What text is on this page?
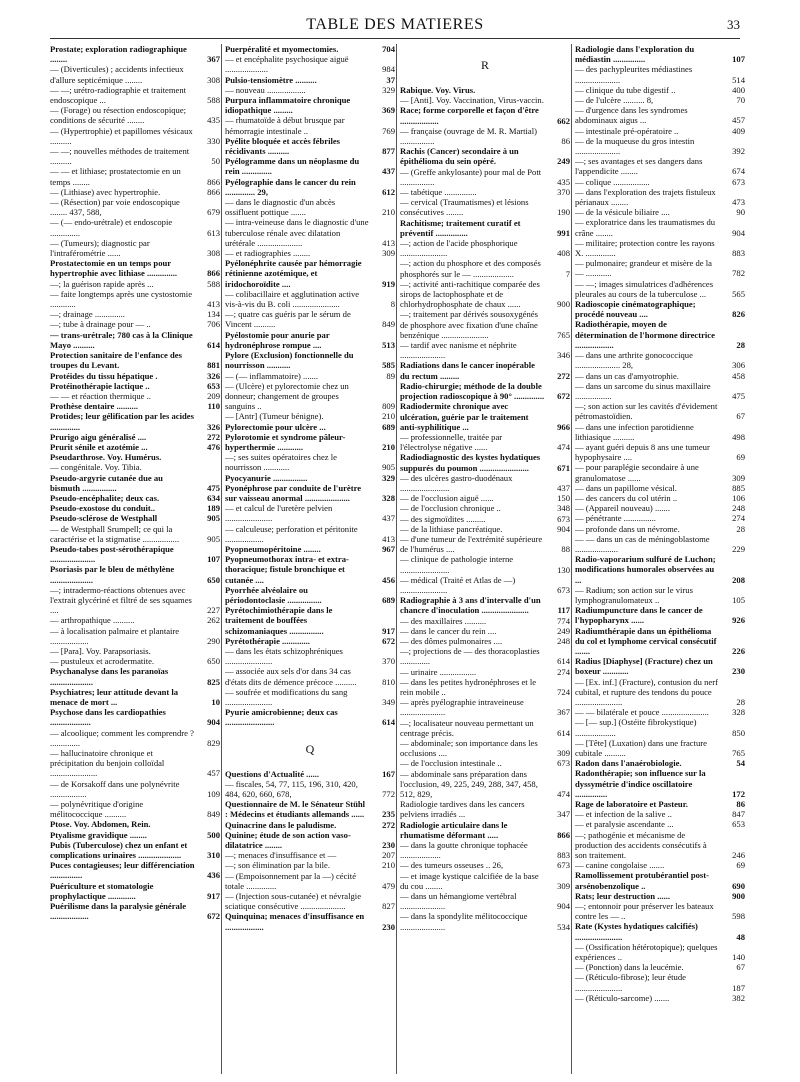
TABLE DES MATIERES	33
Prostate; exploration radiographique ........	367
— (Diverticules) ; accidents infectieux d'allure septicémique ........	308
— —; urétro-radiographie et traitement endoscopique ...	588
— (Forage) ou résection endoscopique; conditions de sécurité ........	435
— (Hypertrophie) et papillomes vésicaux ..........	330
— —; nouvelles méthodes de traitement ..........	50
— — et lithiase; prostatectomie en un temps ........	866
— (Lithiase) avec hypertrophie.	866
— (Résection) par voie endoscopique ........ 437, 588,	679
— (— endo-urétrale) et endoscopie ..............	613
— (Tumeurs); diagnostic par l'intraférométrie ......	308
Prostatectomie en un temps pour hypertrophie avec lithiase ..............	866
—; la guérison rapide après ...	588
— faite longtemps après une cystostomie ............	413
—; drainage ..............	134
—; tube à drainage pour — ..	706
— trans-urétrale; 780 cas à la Clinique Mayo ..........	614
Protection sanitaire de l'enfance des troupes du Levant.	881
Protéides du tissu hépatique .	326
Protéinothérapie lactique ..	653
— — et réaction thermique ..	209
Prothèse dentaire ..........	110
Protides; leur gélification par les acides ..............	326
Prurigo aigu généralisé ....	272
Prurit sénile et azotémie ...	476
Pseudarthrose. Voy. Humérus.
— congénitale. Voy. Tibia.
Pseudo-argyrie cutanée due au bismuth ................	475
Pseudo-encéphalite; deux cas.	634
Pseudo-exostose du conduit..	189
Pseudo-sclérose de Westphall	905
— de Westphall Srumpell; ce qui la caractérise et la stigmatise .................	905
Pseudo-tabes post-sérothérapique .....................	107
Psoriasis par le bleu de méthylène ....................	650
—; intradermo-réactions obtenues avec l'extrait glycériné et filtré de ses squames ....	227
— arthropathique ..........	262
— à localisation palmaire et plantaire ..................	290
— [Para]. Voy. Parapsoriasis.
— pustuleux et acrodermatite.	650
Psychanalyse dans les paranoïas ....................	825
Psychiatres; leur attitude devant la menace de mort ...	10
Psychose dans les cardiopathies ...................	904
— alcoolique; comment les comprendre ? ..............	829
— hallucinatoire chronique et précipitation du benjoin colloïdal ......................	457
— de Korsakoff dans une polynévrite .................	109
— polynévritique d'origine mélitococcique ..........	849
Ptose. Voy. Abdomen, Rein.
Ptyalisme gravidique ........	500
Pubis (Tuberculose) chez un enfant et complications urinaires ....................	310
Puces contagieuses; leur différenciation ...............	436
Puériculture et stomatologie prophylactique .............	917
Puérilisme dans la paralysie générale ..................	672
Puerpéralité et myomectomies.	704
— et encéphalite psychosique aiguë ....................	984
Pulsio-tensiomètre ..........	37
— nouveau ..................	329
Purpura inflammatoire chronique idiopathique .........	369
— rhumatoïde à début brusque par hémorragie intestinale ..	769
Pyélite bloquée et accès fébriles récidivants ..........	877
Pyélogramme dans un néoplasme du rein ..............	437
Pyélographie dans le cancer du rein .............. 29,	612
— dans le diagnostic d'un abcès ossifluent pottique .......	210
— intra-veineuse dans le diagnostic d'une tuberculose rénale avec dilatation urétérale .....................	413
— et radiographies ........	309
Pyélonéphrite causée par hémorragie rétinienne azotémique, et iridochoroïdite ....	919
— colibacillaire et agglutination active vis-à-vis du B. coli ......................	8
—; quatre cas guéris par le sérum de Vincent ..........	849
Pyélostomie pour anurie par hydronéphrose rompue ....	513
Pylore (Exclusion) fonctionnelle du nourrisson ...........	585
— (— inflammatoire) .......	89
— (Ulcère) et pylorectomie chez un donneur; changement de groupes sanguins ..	809
— [Antr] (Tumeur bénigne).	210
Pylorectomie pour ulcère ...	689
Pylorotomie et syndrome pâleur-hyperthermie ............	210
—; ses suites opératoires chez le nourrisson ............	905
Pyocyanurie ................	329
Pyonéphrose par conduite de l'urètre sur vaisseau anormal .....................	328
— et calcul de l'uretère pelvien ......................	437
— calculeuse; perforation et péritonite ..................	413
Pyopneumopéritoine ........	967
Pyopneumothorax intra- et extra-thoracique; fistule bronchique et cutanée ....	456
Pyorrhée alvéolaire ou périodontoclasie ................	689
Pyrétochimiothérapie dans le traitement de bouffées schizomaniaques ................	917
Pyrétothérapie .............	672
— dans les états schizophréniques ......................	370
— associée aux sels d'or dans 34 cas d'états dits de démence précoce ..........	810
— soufrée et modifications du sang ......................	349
Pyurie amicrobienne; deux cas .......................	614
Q
Questions d'Actualité ......	167
— fiscales, 54, 77, 115, 196, 310, 420, 484, 620, 660, 678,	772
Questionnaire de M. le Sénateur Stühl : Médecins et étudiants allemands ......	235
Quinacrine dans le paludisme.	272
Quinine; étude de son action vaso-dilatatrice ........	230
—; menaces d'insuffisance et —	207
—; son élimination par la bile.	210
— (Empoisonnement par la —) cécité totale ..............	479
— (Injection sous-cutanée) et névralgie sciatique consécutive .....................	827
Quinquina; menaces d'insuffisance en ..................	230
R
Rabique. Voy. Virus.
— [Anti]. Voy. Vaccination, Virus-vaccin.
Race; forme corporelle et façon d'être ..................	662
— française (ouvrage de M. R. Martial) ................	86
Rachis (Cancer) secondaire à un épithélioma du sein opéré.	249
— (Greffe ankylosante) pour mal de Pott ................	435
— tabétique ...............	370
— cervical (Traumatismes) et lésions consécutives ........	190
Rachitisme; traitement curatif et préventif ...............	991
—; action de l'acide phosphorique ......................	408
—; action du phosphore et des composés phosphorés sur le — ...................	7
—; activité anti-rachitique comparée des sirops de lactophosphate et de chlorhydrophosphate de chaux ......	900
—; traitement par dérivés sousoxygénés de phosphore avec fixation d'une chaîne benzénique ......................	765
— tardif avec nanisme et néphrite .....................	346
Radiations dans le cancer inopérable du rectum .........	272
Radio-chirurgie; méthode de la double projection radioscopique à 90° ..............	672
Radiodermite chronique avec ulcération, guérie par le traitement anti-syphilitique ...	966
— professionnelle, traitée par l'électrolyse négative ......	474
Radiodiagnostic des kystes hydatiques suppurés du poumon .......................	671
— des ulcères gastro-duodénaux .......................	437
— de l'occlusion aiguë ......	150
— de l'occlusion chronique ..	348
— des sigmoïdites .........	673
— de la lithiase pancréatique.	904
— d'une tumeur de l'extrémité supérieure de l'humérus ....	88
— clinique de pathologie interne .......................	130
— médical (Traité et Atlas de —) ......................	673
Radiographie à 3 ans d'intervalle d'un chancre d'inoculation ......................	117
— des maxillaires ..........	774
— dans le cancer du rein ....	249
— des dômes pulmonaires ....	248
—; projections de — des thoracoplasties ..............	614
— urinaire .................	274
— dans les petites hydronéphroses et le rein mobile ..	724
— après pyélographie intraveineuse .....................	367
—; localisateur nouveau permettant un centrage précis.	614
— abdominale; son importance dans les occlusions ....	309
— de l'occlusion intestinale ..	673
— abdominale sans préparation dans l'occlusion, 49, 225, 249, 288, 347, 458, 512, 829,	474
Radiologie tardives dans les cancers pelviens irradiés ...	347
Radiologie articulaire dans le rhumatisme déformant .....	866
— dans la goutte chronique tophacée ...................	883
— des tumeurs osseuses .. 26,	673
— et image kystique calcifiée de la base du cou ........	309
— dans un hémangiome vertébral .....................	904
— dans la spondylite mélitococcique .....................	534
Radiologie dans l'exploration du médiastin ...............	107
— des pachypleurites médiastines .....................	514
— clinique du tube digestif ..	400
— de l'ulcère .......... 8,	70
— d'urgence dans les syndromes abdominaux aigus ...	457
— intestinale pré-opératoire ..	409
— de la muqueuse du gros intestin .....................	392
—; ses avantages et ses dangers dans l'appendicite ........	674
— colique .................	673
— dans l'exploration des trajets fistuleux périanaux ........	473
— de la vésicule biliaire ....	90
— exploratrice dans les traumatismes du crâne ........	904
— militaire; protection contre les rayons X. ..............	883
— pulmonaire; grandeur et misère de la — ............	782
— —; images simulatrices d'adhérences pleurales au cours de la tuberculose ...	565
Radioscopie cinématographique; procédé nouveau ....	826
Radiothérapie, moyen de détermination de l'hormone directrice ..................	28
— dans une arthrite gonococcique ..................... 28,	306
— dans un cas d'amyotrophie.	458
— dans un sarcome du sinus maxillaire .................	475
—; son action sur les cavités d'évidement pétromastoïdien.	67
— dans une infection parotidienne lithiasique ..........	498
— ayant guéri depuis 8 ans une tumeur hypophysaire ....	69
— pour paraplégie secondaire à une granulomatose ......	309
— dans un papillome vésical.	885
— des cancers du col utérin ..	106
— (Appareil nouveau) .......	248
— pénétrante ...............	274
— profonde dans un névrome.	28
— — dans un cas de méningoblastome ....................	229
Radio-vaporarium sulfuré de Luchon; modifications humorales observées au ...	208
— Radium; son action sur le virus lymphogranulomateux ..	105
Radiumpuncture dans le cancer de l'hypopharynx ......	926
Radiumthérapie dans un épithélioma du col et lymphome cervical consécutif .......	226
Radius [Diaphyse] (Fracture) chez un boxeur ............	230
— [Ex. inf.] (Fracture), contusion du nerf cubital, et rupture des tendons du pouce ......................	28
— — bilatérale et pouce ......................	328
— [— sup.] (Ostéite fibrokystique) ...................	850
— [Tête] (Luxation) dans une fracture cubitale ..........	765
Radon dans l'anaérobiologie.	54
Radonthérapie; son influence sur la dyssymétrie d'indice oscillatoire ...............	172
Rage de laboratoire et Pasteur.	86
— et infection de la salive ..	847
— et paralysie ascendante ...	653
—; pathogénie et mécanisme de production des accidents consécutifs à son traitement.	246
— canine congolaise .......	69
Ramollissement protubérantiel post-arsénobenzolique ..	690
Rats; leur destruction ......	900
—; entonnoir pour préserver les bateaux contre les — ..	598
Rate (Kystes hydatiques calcifiés) ......................	48
— (Ossification hétérotopique); quelques expériences ..	140
— (Ponction) dans la leucémie.	67
— (Réticulo-fibrose); leur étude ......................	187
— (Réticulo-sarcome) .......	382
